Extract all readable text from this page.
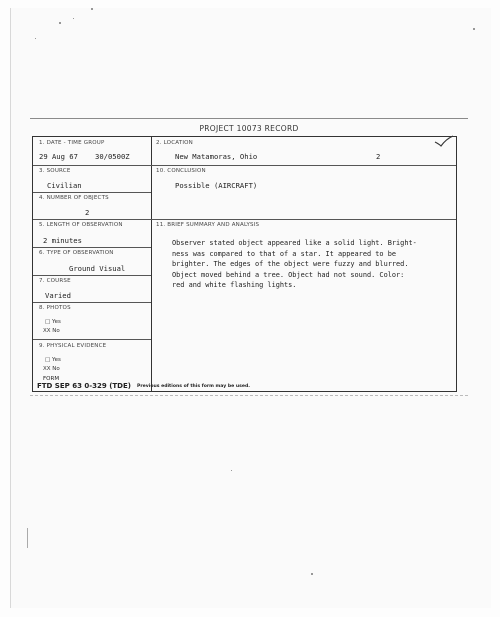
PROJECT 10073 RECORD
1. DATE - TIME GROUP
29 Aug 67 30/0500Z
2. LOCATION
New Matamoras, Ohio	2
3. SOURCE
Civilian
10. CONCLUSION
Possible (AIRCRAFT)
4. NUMBER OF OBJECTS
2
5. LENGTH OF OBSERVATION
2 minutes
11. BRIEF SUMMARY AND ANALYSIS
6. TYPE OF OBSERVATION
Ground Visual
7. COURSE
Varied
8. PHOTOS
□ Yes
XX No
9. PHYSICAL EVIDENCE
□ Yes
XX No
Observer stated object appeared like a solid light. Bright-
ness was compared to that of a star. It appeared to be
brighter. The edges of the object were fuzzy and blurred.
Object moved behind a tree. Object had not sound. Color:
red and white flashing lights.
FORM
FTD SEP 63 0-329 (TDE) Previous editions of this form may be used.
